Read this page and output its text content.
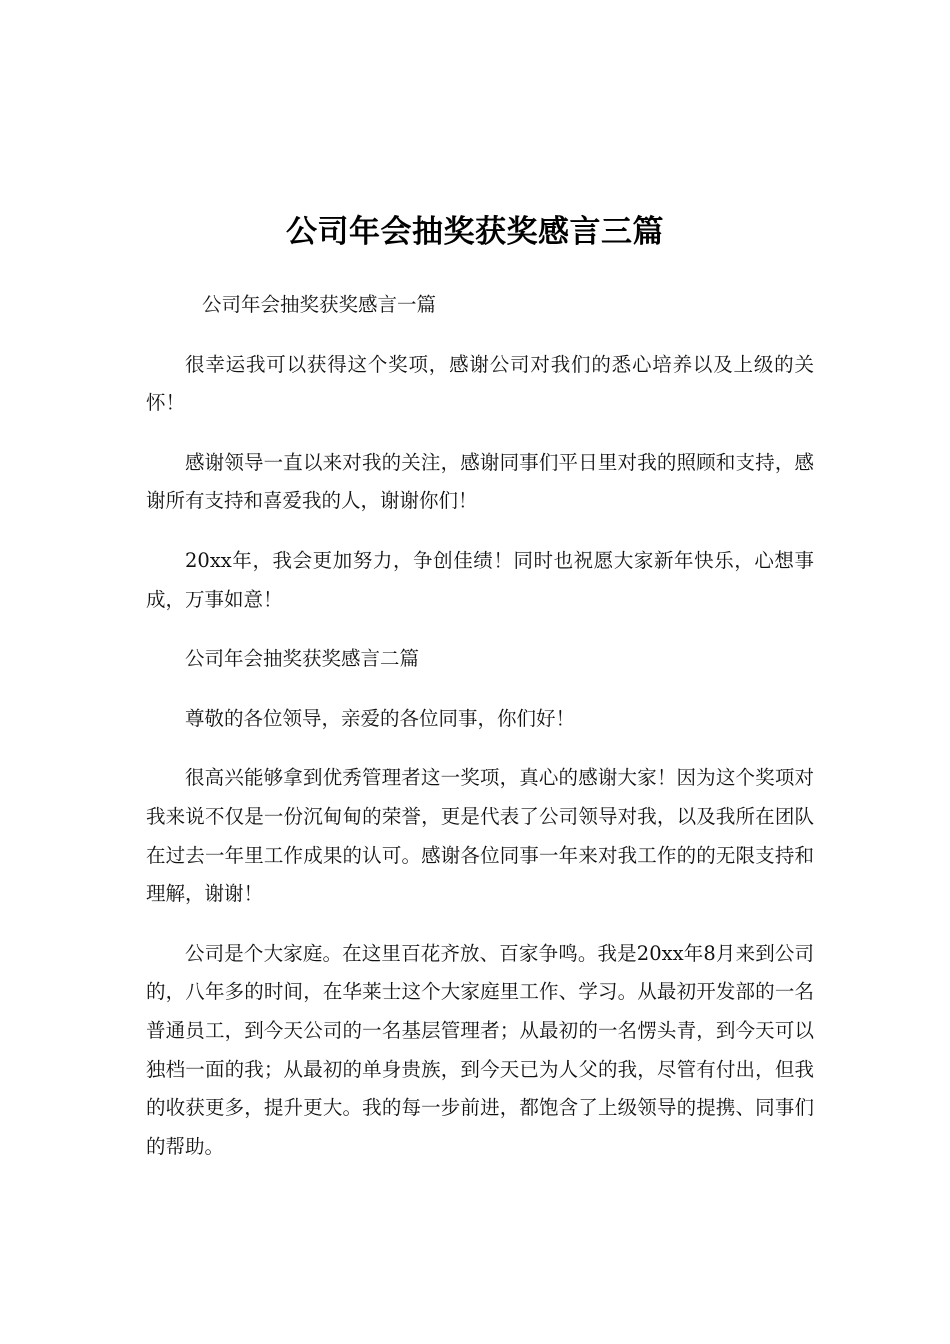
公司年会抽奖获奖感言三篇

公司年会抽奖获奖感言一篇

很幸运我可以获得这个奖项，感谢公司对我们的悉心培养以及上级的关怀！

感谢领导一直以来对我的关注，感谢同事们平日里对我的照顾和支持，感谢所有支持和喜爱我的人，谢谢你们！

20xx年，我会更加努力，争创佳绩！同时也祝愿大家新年快乐，心想事成，万事如意！

公司年会抽奖获奖感言二篇

尊敬的各位领导，亲爱的各位同事，你们好！

很高兴能够拿到优秀管理者这一奖项，真心的感谢大家！因为这个奖项对我来说不仅是一份沉甸甸的荣誉，更是代表了公司领导对我，以及我所在团队在过去一年里工作成果的认可。感谢各位同事一年来对我工作的的无限支持和理解，谢谢！

公司是个大家庭。在这里百花齐放、百家争鸣。我是20xx年8月来到公司的，八年多的时间，在华莱士这个大家庭里工作、学习。从最初开发部的一名普通员工，到今天公司的一名基层管理者；从最初的一名愣头青，到今天可以独档一面的我；从最初的单身贵族，到今天已为人父的我，尽管有付出，但我的收获更多，提升更大。我的每一步前进，都饱含了上级领导的提携、同事们的帮助。
